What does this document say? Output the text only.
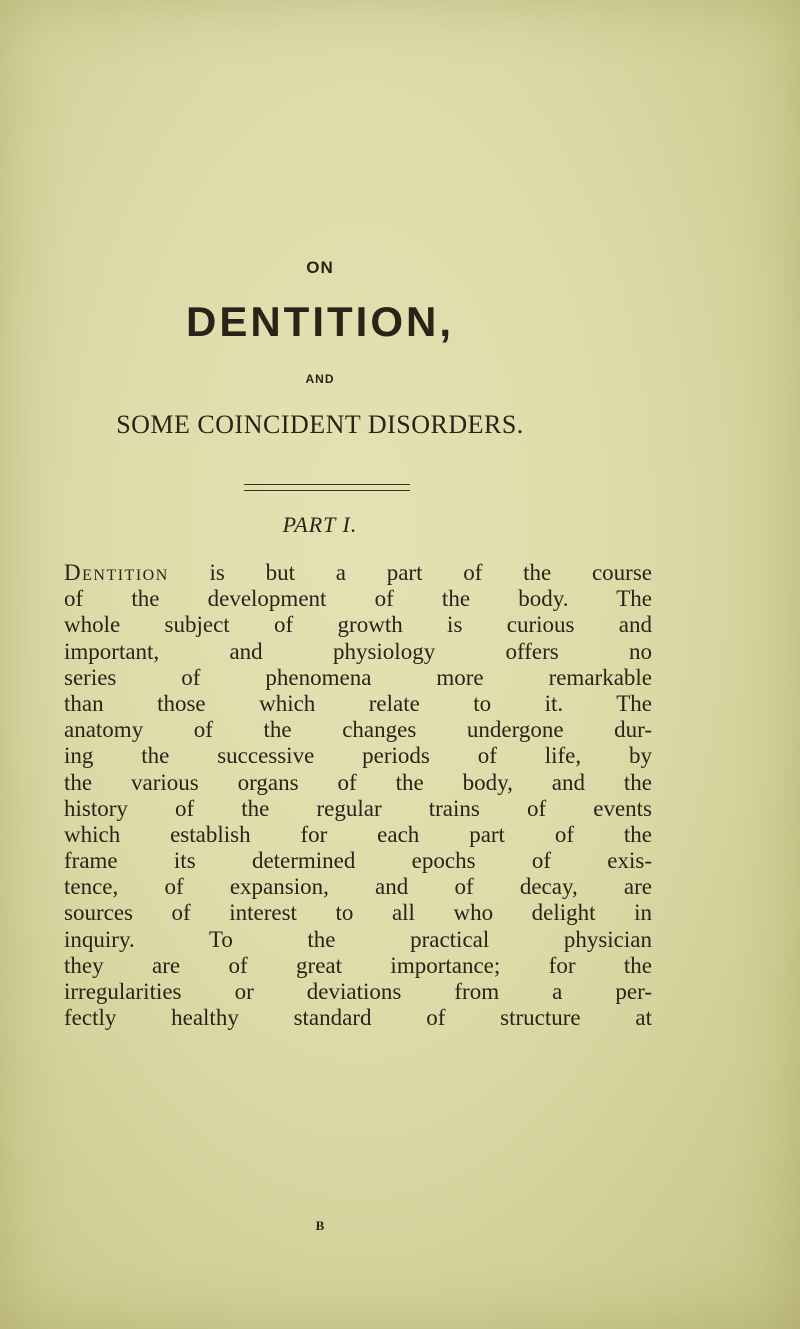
ON
DENTITION,
AND
SOME COINCIDENT DISORDERS.
PART I.
Dentition is but a part of the course
of the development of the body. The
whole subject of growth is curious and
important, and physiology offers no
series of phenomena more remarkable
than those which relate to it. The
anatomy of the changes undergone dur-
ing the successive periods of life, by
the various organs of the body, and the
history of the regular trains of events
which establish for each part of the
frame its determined epochs of exis-
tence, of expansion, and of decay, are
sources of interest to all who delight in
inquiry. To the practical physician
they are of great importance; for the
irregularities or deviations from a per-
fectly healthy standard of structure at
B
